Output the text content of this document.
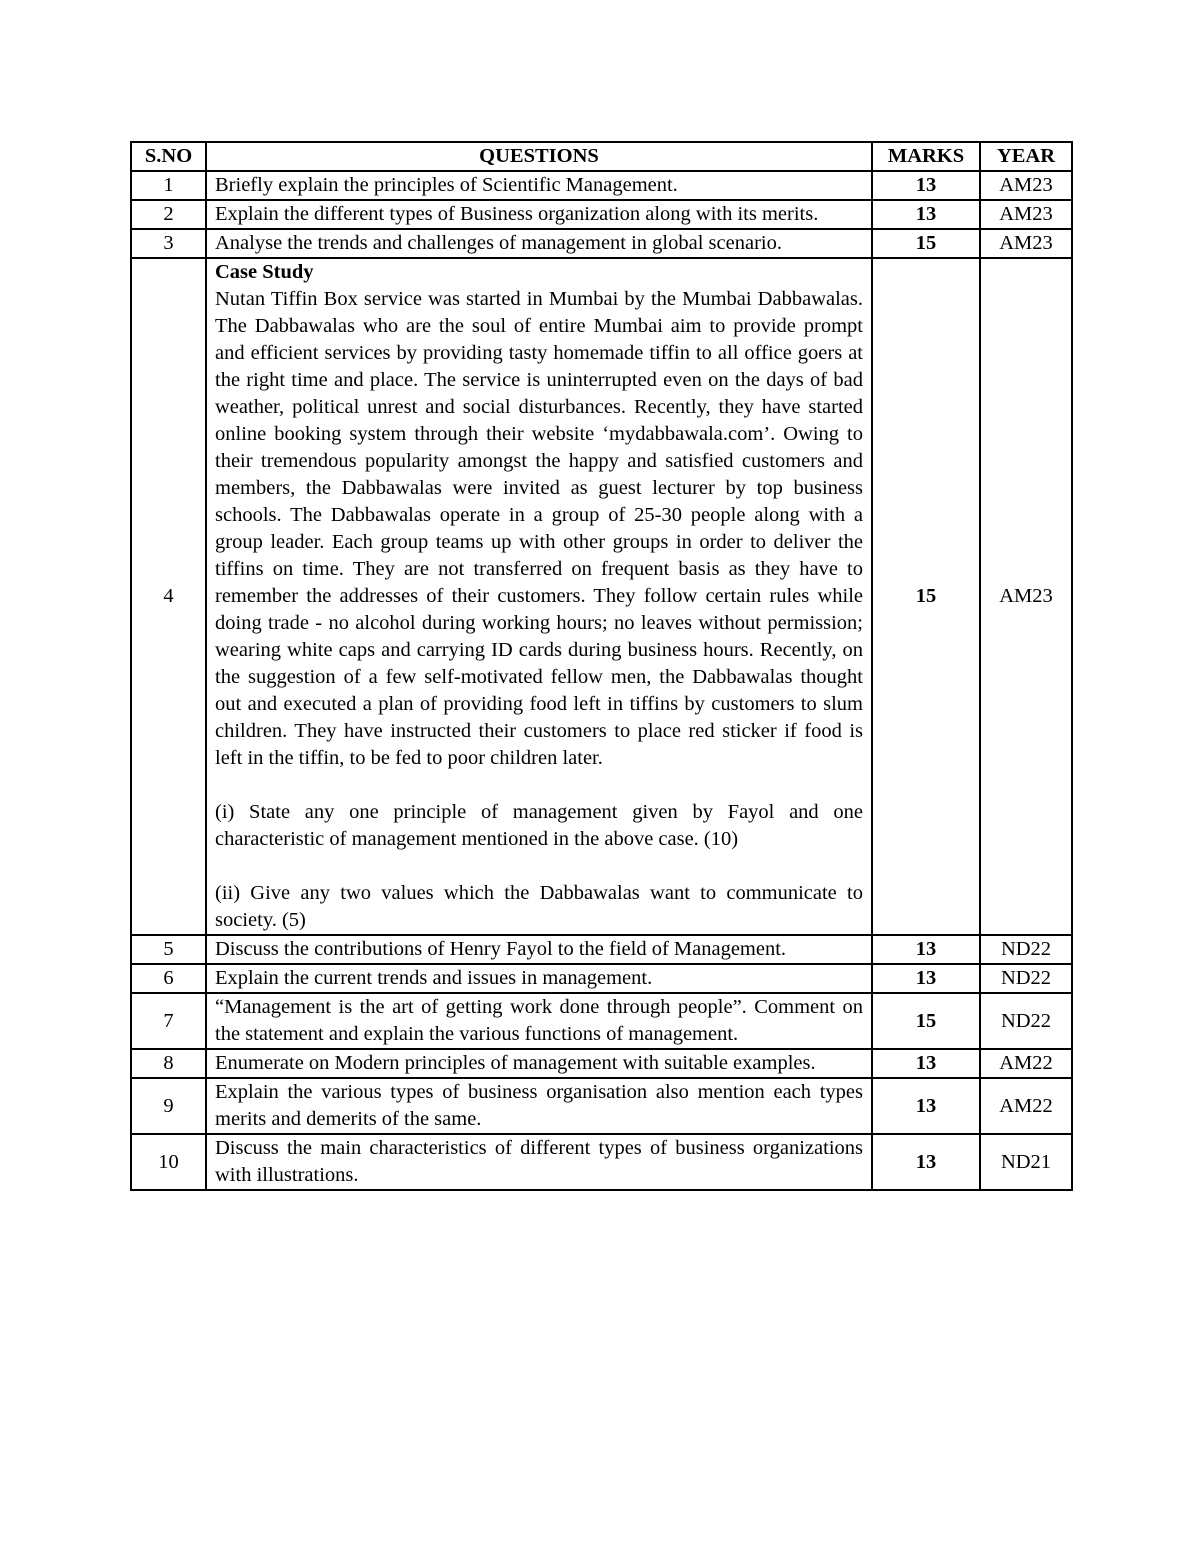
S.NO	QUESTIONS	MARKS	YEAR
1	Briefly explain the principles of Scientific Management.	13	AM23
2	Explain the different types of Business organization along with its merits.	13	AM23
3	Analyse the trends and challenges of management in global scenario.	15	AM23
4	Case Study
Nutan Tiffin Box service was started in Mumbai by the Mumbai Dabbawalas. The Dabbawalas who are the soul of entire Mumbai aim to provide prompt and efficient services by providing tasty homemade tiffin to all office goers at the right time and place. The service is uninterrupted even on the days of bad weather, political unrest and social disturbances. Recently, they have started online booking system through their website ‘mydabbawala.com’. Owing to their tremendous popularity amongst the happy and satisfied customers and members, the Dabbawalas were invited as guest lecturer by top business schools. The Dabbawalas operate in a group of 25-30 people along with a group leader. Each group teams up with other groups in order to deliver the tiffins on time. They are not transferred on frequent basis as they have to remember the addresses of their customers. They follow certain rules while doing trade - no alcohol during working hours; no leaves without permission; wearing white caps and carrying ID cards during business hours. Recently, on the suggestion of a few self-motivated fellow men, the Dabbawalas thought out and executed a plan of providing food left in tiffins by customers to slum children. They have instructed their customers to place red sticker if food is left in the tiffin, to be fed to poor children later.
(i) State any one principle of management given by Fayol and one characteristic of management mentioned in the above case. (10)
(ii) Give any two values which the Dabbawalas want to communicate to society. (5)	15	AM23
5	Discuss the contributions of Henry Fayol to the field of Management.	13	ND22
6	Explain the current trends and issues in management.	13	ND22
7	“Management is the art of getting work done through people”. Comment on the statement and explain the various functions of management.	15	ND22
8	Enumerate on Modern principles of management with suitable examples.	13	AM22
9	Explain the various types of business organisation also mention each types merits and demerits of the same.	13	AM22
10	Discuss the main characteristics of different types of business organizations with illustrations.	13	ND21
